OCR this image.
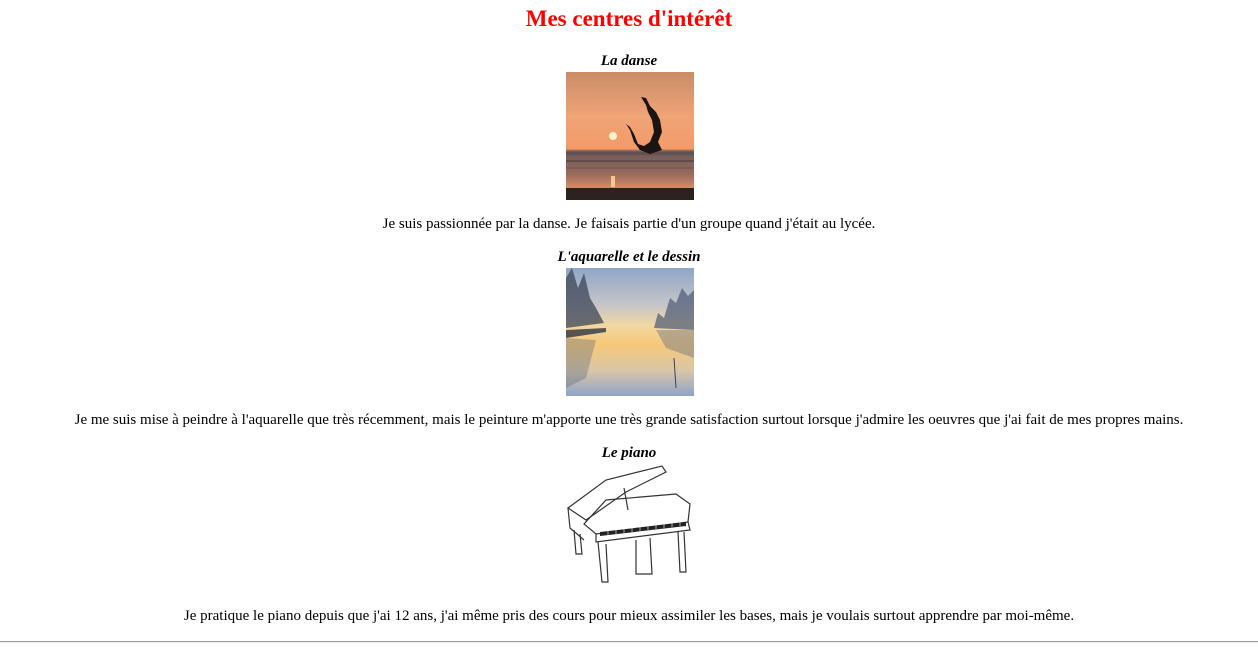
Mes centres d'intérêt
La danse

Je suis passionnée par la danse. Je faisais partie d'un groupe quand j'était au lycée.

L'aquarelle et le dessin

Je me suis mise à peindre à l'aquarelle que très récemment, mais le peinture m'apporte une très grande satisfaction surtout lorsque j'admire les oeuvres que j'ai fait de mes propres mains.

Le piano

Je pratique le piano depuis que j'ai 12 ans, j'ai même pris des cours pour mieux assimiler les bases, mais je voulais surtout apprendre par moi-même.
